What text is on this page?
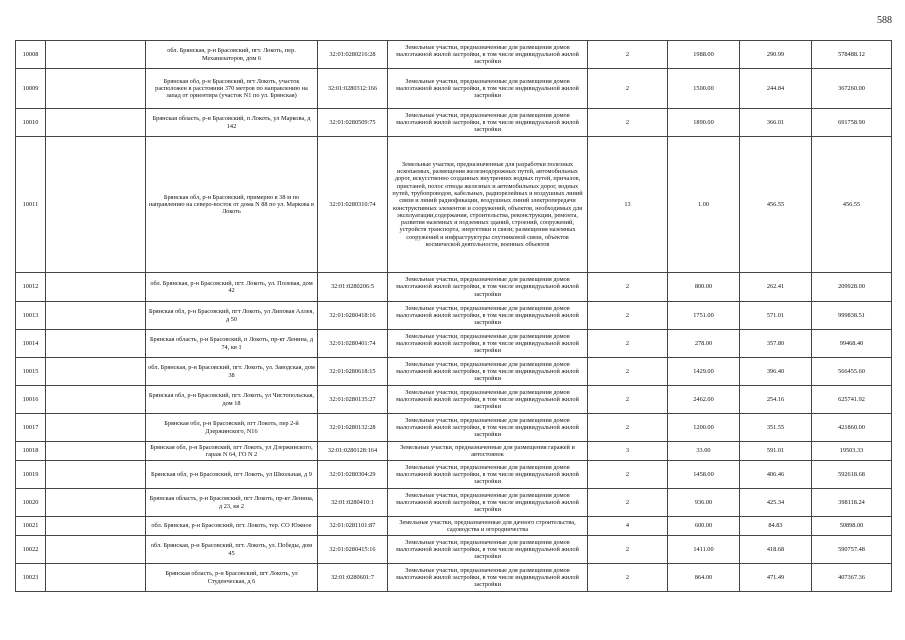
588
10008		обл. Брянская, р-н Брасовский, пгт. Локоть, пер. Механизаторов, дом 6	32:01:0280216:28	Земельные участки, предназначенные для размещения домов малоэтажной жилой застройки, в том числе индивидуальной жилой застройки	2	1988.00	290.99	578488.12
10009		Брянская обл, р-н Брасовский, пгт Локоть, участок расположен в расстоянии 370 метров по направлению на запад от ориентира (участок N1 по ул. Брянская)	32:01:0280312:166	Земельные участки, предназначенные для размещения домов малоэтажной жилой застройки, в том числе индивидуальной жилой застройки	2	1500.00	244.84	367260.00
10010		Брянская область, р-н Брасовский, п Локоть, ул Маркова, д 142	32:01:0280509:75	Земельные участки, предназначенные для размещения домов малоэтажной жилой застройки, в том числе индивидуальной жилой застройки	2	1890.00	366.01	691758.90
10011		Брянская обл, р-н Брасовский, примерно в 38 м по направлению на северо-восток от дома N 88 по ул. Маркова в Локоть	32:01:0280310:74	Земельные участки, предназначенные для разработки полезных ископаемых, размещения железнодорожных путей, автомобильных дорог, искусственно созданных внутренних водных путей, причалов, пристаней, полос отвода железных и автомобильных дорог, водных путей, трубопроводов, кабельных, радиорелейных и воздушных линий связи и линий радиофикации, воздушных линий электропередачи конструктивных элементов и сооружений, объектов, необходимых для эксплуатации,содержания, строительства, реконструкции, ремонта, развития наземных и подземных зданий, строений, сооружений, устройств транспорта, энергетики и связи; размещения наземных сооружений и инфраструктуры спутниковой связи, объектов космической деятельности, военных объектов	13	1.00	456.55	456.55
10012		обл. Брянская, р-н Брасовский, пгт. Локоть, ул. Полевая, дом 42	32:01:0280206:5	Земельные участки, предназначенные для размещения домов малоэтажной жилой застройки, в том числе индивидуальной жилой застройки	2	800.00	262.41	209928.00
10013		Брянская обл, р-н Брасовский, пгт Локоть, ул Липовая Аллея, д 50	32:01:0280418:16	Земельные участки, предназначенные для размещения домов малоэтажной жилой застройки, в том числе индивидуальной жилой застройки	2	1751.00	571.01	999838.51
10014		Брянская область, р-н Брасовский, п Локоть, пр-кт Ленина, д 74, кв 1	32:01:0280401:74	Земельные участки, предназначенные для размещения домов малоэтажной жилой застройки, в том числе индивидуальной жилой застройки	2	278.00	357.80	99468.40
10015		обл. Брянская, р-н Брасовский, пгт. Локоть, ул. Заводская, дом 38	32:01:0280618:15	Земельные участки, предназначенные для размещения домов малоэтажной жилой застройки, в том числе индивидуальной жилой застройки	2	1429.00	396.40	566455.60
10016		Брянская обл, р-н Брасовский, пгт. Локоть, ул Чистопольская, дом 18	32:01:0280135:27	Земельные участки, предназначенные для размещения домов малоэтажной жилой застройки, в том числе индивидуальной жилой застройки	2	2462.00	254.16	625741.92
10017		Брянская обл, р-н Брасовский, пгт Локоть, пер 2-й Дзержинского, N16	32:01:0280132:28	Земельные участки, предназначенные для размещения домов малоэтажной жилой застройки, в том числе индивидуальной жилой застройки	2	1200.00	351.55	421860.00
10018		Брянская обл, р-н Брасовский, пгт Локоть, ул Дзержинского, гараж N 64, ГО N 2	32:01:0280128:164	Земельные участки, предназначенные для размещения гаражей и автостоянок	3	33.00	591.01	19503.33
10019		Брянская обл, р-н Брасовский, пгт Локоть, ул Школьная, д 9	32:01:0280304:29	Земельные участки, предназначенные для размещения домов малоэтажной жилой застройки, в том числе индивидуальной жилой застройки	2	1458.00	406.46	592618.68
10020		Брянская область, р-н Брасовский, пгт Локоть, пр-кт Ленина, д 23, кв 2	32:01:0280410:1	Земельные участки, предназначенные для размещения домов малоэтажной жилой застройки, в том числе индивидуальной жилой застройки	2	936.00	425.34	398118.24
10021		обл. Брянская, р-н Брасовский, пгт. Локоть, тер. СО Южное	32:01:0281101:87	Земельные участки, предназначенные для дачного строительства, садоводства и огородничества	4	600.00	84.83	50898.00
10022		обл. Брянская, р-н Брасовский, пгт. Локоть, ул. Победы, дом 45	32:01:0280415:16	Земельные участки, предназначенные для размещения домов малоэтажной жилой застройки, в том числе индивидуальной жилой застройки	2	1411.00	418.68	590757.48
10023		Брянская область, р-н Брасовский, пгт Локоть, ул Студенческая, д 6	32:01:0280601:7	Земельные участки, предназначенные для размещения домов малоэтажной жилой застройки, в том числе индивидуальной жилой застройки	2	864.00	471.49	407367.36
